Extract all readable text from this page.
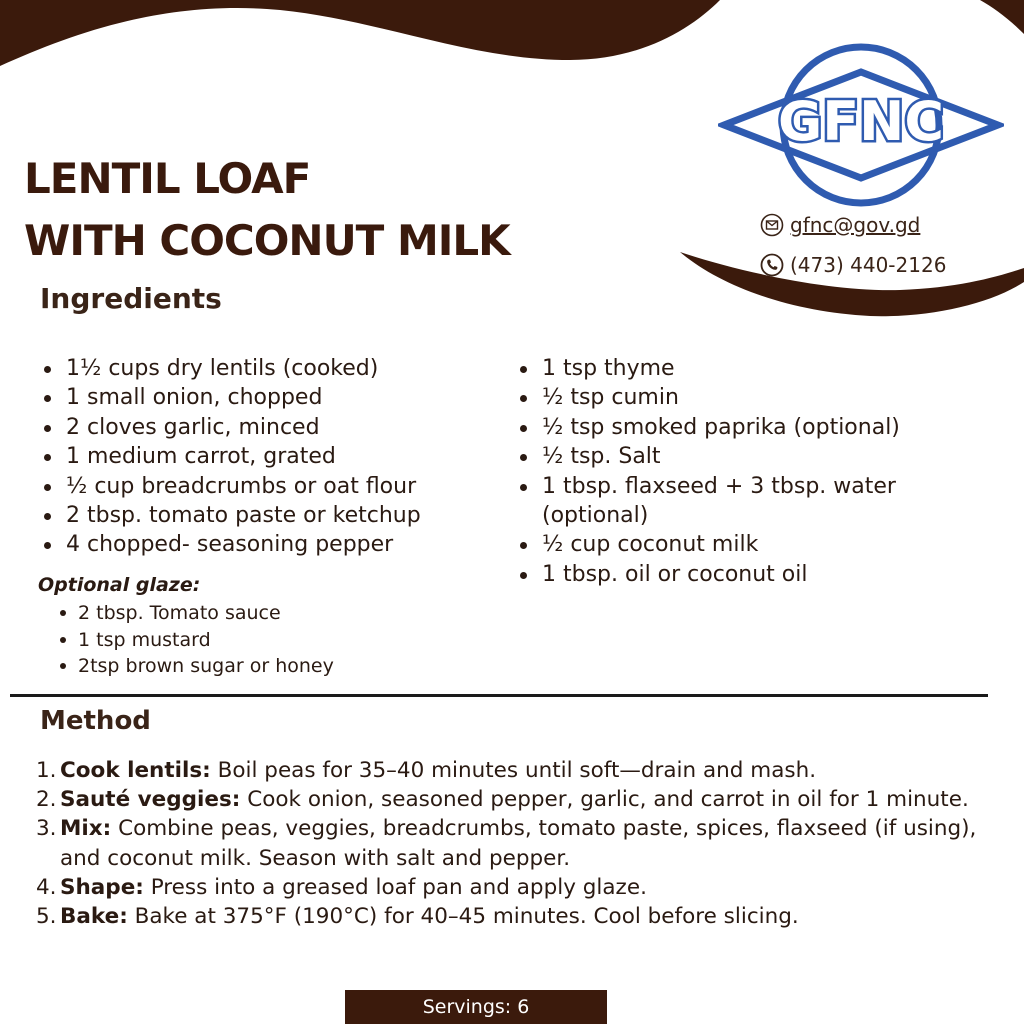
GFNC
gfnc@gov.gd
(473) 440-2126
LENTIL LOAF
WITH COCONUT MILK
Ingredients
1½ cups dry lentils (cooked)
1 small onion, chopped
2 cloves garlic, minced
1 medium carrot, grated
½ cup breadcrumbs or oat flour
2 tbsp. tomato paste or ketchup
4 chopped- seasoning pepper
1 tsp thyme
½ tsp cumin
½ tsp smoked paprika (optional)
½ tsp. Salt
1 tbsp. flaxseed + 3 tbsp. water (optional)
½ cup coconut milk
1 tbsp. oil or coconut oil
Optional glaze:
2 tbsp. Tomato sauce
1 tsp mustard
2tsp brown sugar or honey
Method
1. Cook lentils: Boil peas for 35–40 minutes until soft—drain and mash.
2. Sauté veggies: Cook onion, seasoned pepper, garlic, and carrot in oil for 1 minute.
3. Mix: Combine peas, veggies, breadcrumbs, tomato paste, spices, flaxseed (if using), and coconut milk. Season with salt and pepper.
4. Shape: Press into a greased loaf pan and apply glaze.
5. Bake: Bake at 375°F (190°C) for 40–45 minutes. Cool before slicing.
Servings: 6
